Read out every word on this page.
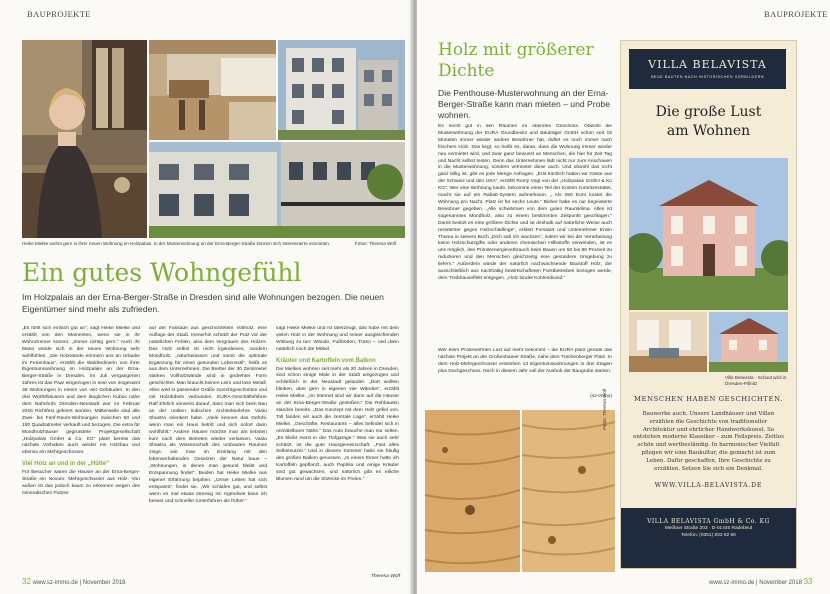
BAUPROJEKTE
Heike Mielke wohnt gern in ihrer neuen Wohnung im Holzpalais. In der Musterwohnung an der Erna-Berger-Straße können sich Interessierte einmieten.	Fotos: Theresa Wolf
Ein gutes Wohngefühl
Im Holzpalais an der Erna-Berger-Straße in Dresden sind alle Wohnungen bezogen. Die neuen Eigentümer sind mehr als zufrieden.

„Es fühlt sich einfach gut an“, sagt Heike Mielke und erzählt von den Momenten, wenn sie in ihr Wohnzimmer kommt. „Immer richtig gern.“ Auch ihr Mann würde sich in der neuen Wohnung sehr wohlfühlen. „Die Holzwände erinnern uns an Urlaube im Ferienhaus“, erzählt die Waldredinerin von ihrer Eigentumswohnung im Holzpalais an der Erna-Berger-Straße in Dresden. Im Juli vergangenen Jahres ist das Paar eingezogen in eine von insgesamt 36 Wohnungen in einem von vier Gebäuden. In den drei Würfelhäusern und dem länglichen Kubus nahe dem Bahnhofs Dresden-Neustadt war im Februar 2016 Richtfest gefeiert worden. Mittlerweile sind alle Zwei- bis Fünf-Raum-Wohnungen zwischen 50 und 150 Quadratmeter verkauft und bezogen. Die extra für Mondholzhäuser gegründete Projektgesellschaft „Holzpalais GmbH & Co. KG“ plant bereits das nächste Vorhaben auch wieder ein Holzbau und ebenso ein Mehrgeschosser.

Viel Holz an und in der „Hütte“

Für Besucher waren die Häuser an der Erna-Berger-Straße ein Novum: Mehrgeschosser aus Holz. Von außen ist das jedoch kaum zu erkennen wegen des mineralischen Putzes

auf der Fassade aus geschichtetem Vollholz, eine Auflage der Stadt. Immerhin schützt der Putz vor der natürlichen Fehlen, also dem Vergrauen des Holzes. Das Holz selbst ist nicht irgendeines, sondern Mondholz, „naturbelassen und somit die optimale Ergänzung für einen gesunden Lebensstil“, heißt es aus dem Unternehmen. Die Bretter der 30 Zentimeter starken Vollholzwände sind in gedrehter Form geschichtet. Man braucht keinen Leim und kein Metall. Alles wird in passender Größe zurechtgeschnitten und mit Holzdübeln verbunden. EURA-Geschäftsführer Ralf Ehrlich verweist darauf, dass man sich beim Bau an der uralten indischen Architekturlehre Vastu Shastra orientiert habe. „Viele kennen das Gefühl, wenn man ein Haus betritt und sich sofort darin wohlfühlt.“ Andere Häuser möchte man am liebsten kurz nach dem Betreten wieder verlassen. Vastu Shastra als Wissenschaft des umbauten Raumes zeige, wie man im Einklang mit den lebenserhaltenden Gesetzen der Natur baue – „Wohnungen, in denen man gesund bleibt und Entspannung findet“. Beiden hat Heike Mielke aus eigener Erfahrung bejahen. „Unser Leben hat sich entspannt“, findet sie. „Wir schlafen gut, und selbst wenn es mal etwas stressig ist: Irgendwie kann ich besser und schneller runterfahren als früher.“

sagt Heike Mielke und ist überzeugt, das habe mit dem vielen Holz in der Wohnung und seiner ausgleichenden Wirkung zu tun: Wände, Fußböden, Türen – und dann natürlich noch die Möbel.

Kräuter und Kartoffeln vom Balkon

Die Mielkes wohnen seit mehr als 20 Jahren in Dresden, sind schon einige Male in der Stadt umgezogen und schließlich in der Neustadt gelandet. „Dort wollten bleiben, aber gern in eigenen vier Wänden“, erzählt Heike Mielke. „Im Internet sind wir dann auf die Häuser an der Erna-Berger-Straße gestoßen.“ Die Rohbauten standen bereits. „Das Konzept mit dem Holz gefiel uns. Toll fanden wir auch die zentrale Lage“, erzählt Heike Mielke. „Geschäfte, Restaurants – alles befindet sich in unmittelbarer Nähe.“ Das Auto brauche man nur selten. „Es bleibt meist in der Tiefgarage.“ Was sie auch sehr schätzt, ist die gute Hausgemeinschaft. „Fast alles Selbstnutzer.“ Und in diesem Sommer habe sie häufig den großen Balkon genossen. „In einem Eimer hatte ich Kartoffeln gepflanzt, auch Paprika und einige Kräuter sind gut gewachsen, und natürlich gibt es etliche Blumen rund um die Sitzecke im Freien.“

Theresa Wolf
32 www.sz-immo.de | November 2018
BAUPROJEKTE
Holz mit größerer Dichte
Die Penthouse-Musterwohnung an der Erna-Berger-Straße kann man mieten – und Probe wohnen.

Es riecht gut in den Räumen im obersten Geschoss. Obwohl die Musterwohnung der EURA Grundbesitz und Bauträger GmbH schon seit 15 Monaten immer wieder andere Bewohner hat, duftet es noch immer nach frischem Holz. Das liegt, so heißt es, daran, dass die Wohnung immer wieder neu vermietet wird, und zwar ganz bewusst an Menschen, die hier für Zeit Tag und Nacht selbst testen. Denn das Unternehmen lädt nicht nur zum Anschauen in die Musterwohnung, sondern vermietet diese auch. Und obwohl das nicht ganz billig ist, gibt es jede Menge Anfragen. „Erst kürzlich hatten wir Gäste aus der Schweiz und den USA“, erzählt Romy Vogt von der „Holzpalais GmbH & Ko KG“. Wer eine Wohnung kaufe, bekomme einen Teil der Kosten zurückerstattet, macht sie auf ein Rabatt-System aufmerksam. „ Als 250 Euro kostet die Wohnung pro Nacht. Platz ist für sechs Leute.“ Bisher habe es nur begeisterte Bewohner gegeben. „Alle schwärmen von dem guten Raumklima. Alles ist sogenanntes Mondholz, also zu einem bestimmten Zeitpunkt geschlagen.“ Damit besitzt es eine größere Dichte und ist deshalb auf natürliche Weise auch resistenter gegen Holzschädlinge“, erklärt Forstwirt und Unternehmer Erwin Thoma in seinem Buch „Dich sah ich wachsen“, indem wir bei der Verarbeitung keine Holzschutzgifte oder anderen chemischen Hilfsstoffe verwenden, ist es uns möglich, den Primärenergieverbrauch beim Bauen um 50 bis 80 Prozent zu reduzieren und den Menschen gleichzeitig eine gesündere Umgebung zu liefern.“ Außerdem würde der natürlich nachwachsende Baustoff Holz, der ausschließlich aus nachhaltig bewirtschafteten Forstbetrieben bezogen werde, dem Treibhauseffekt entgegen. „Holz bindet Kohlendioxid.“

Wer beim Probewohnen Lust auf mehr bekommt – die EURA plant gerade das nächste Projekt an der Großenhainer Straße, nahe dem Trachenberger Platz. In dem Holz-Mehrgeschosser entstehen 13 Eigentumswohnungen in drei Etagen plus Dachgeschoss. Noch in diesem Jahr soll der Aushub der Baugrube starten.

(sz-immo)
Fotos: Theresa Wolf
VILLA BELAVISTA
NEUE BAUTEN NACH HISTORISCHEN VORBILDERN
Die große Lust
am Wohnen
Villa Belavista · Schaut wird in Dresden-Pillnitz
MENSCHEN HABEN GESCHICHTEN.
Bauwerke auch. Unsere Landhäuser und Villen erzählen die Geschichte von traditioneller Architektur und ehrlicher Handwerkskunst. So entstehen moderne Klassiker – zum Feilspreis. Zeitlos schön und wertbeständig. In harmonischer Vielfalt pflegen wir eine Baukultur, die gemacht ist zum Leben. Dafür geschaffen, Ihre Geschichte zu erzählen. Setzen Sie sich ein Denkmal.
WWW.VILLA-BELAVISTA.DE
VILLA BELAVISTA GmbH & Co. KG
Meißner Straße 203 · D-01445 Radebeul
Telefon: (0351) 833 82 56
www.sz-immo.de | November 2018 33
